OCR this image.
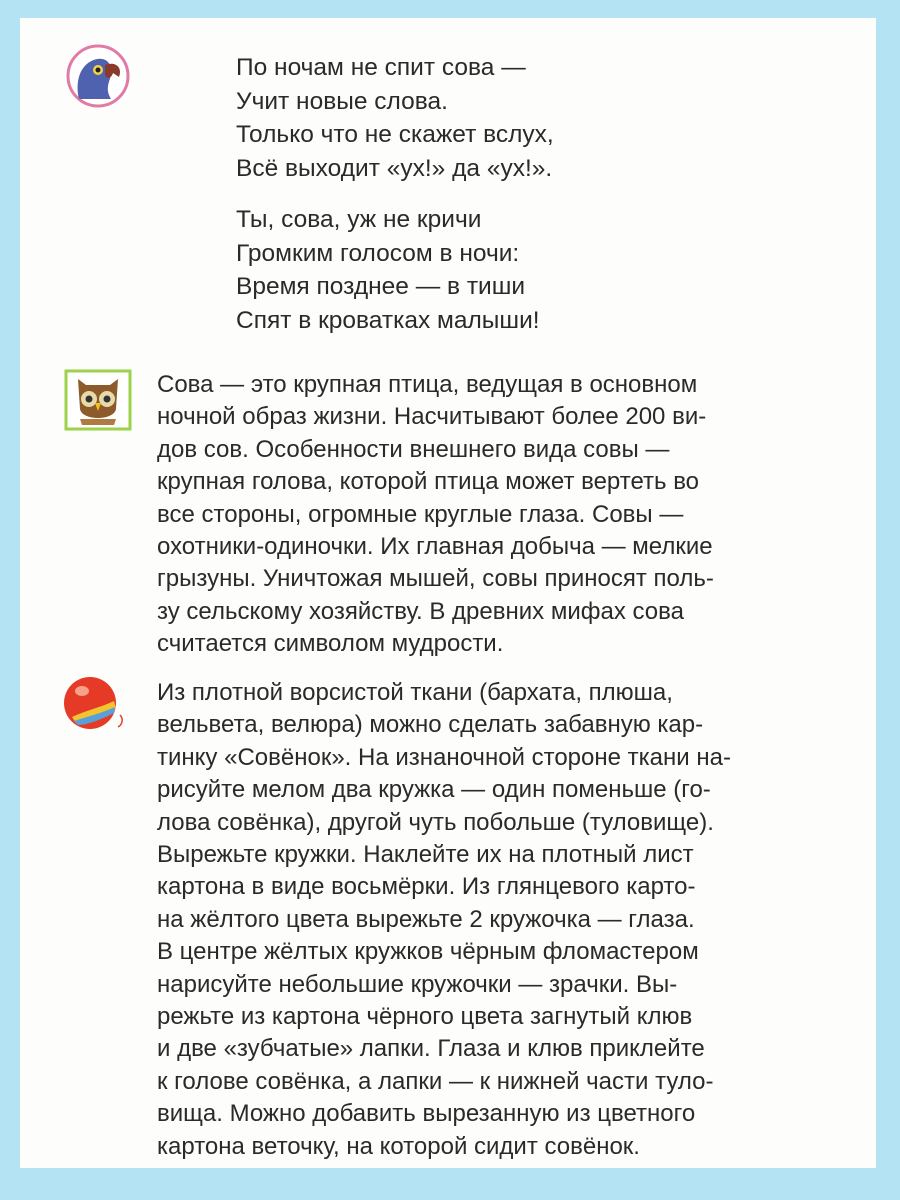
По ночам не спит сова —
Учит новые слова.
Только что не скажет вслух,
Всё выходит «ух!» да «ух!».
Ты, сова, уж не кричи
Громким голосом в ночи:
Время позднее — в тиши
Спят в кроватках малыши!
Сова — это крупная птица, ведущая в основном
ночной образ жизни. Насчитывают более 200 ви-
дов сов. Особенности внешнего вида совы —
крупная голова, которой птица может вертеть во
все стороны, огромные круглые глаза. Совы —
охотники-одиночки. Их главная добыча — мелкие
грызуны. Уничтожая мышей, совы приносят поль-
зу сельскому хозяйству. В древних мифах сова
считается символом мудрости.
Из плотной ворсистой ткани (бархата, плюша,
вельвета, велюра) можно сделать забавную кар-
тинку «Совёнок». На изнаночной стороне ткани на-
рисуйте мелом два кружка — один поменьше (го-
лова совёнка), другой чуть побольше (туловище).
Вырежьте кружки. Наклейте их на плотный лист
картона в виде восьмёрки. Из глянцевого карто-
на жёлтого цвета вырежьте 2 кружочка — глаза.
В центре жёлтых кружков чёрным фломастером
нарисуйте небольшие кружочки — зрачки. Вы-
режьте из картона чёрного цвета загнутый клюв
и две «зубчатые» лапки. Глаза и клюв приклейте
к голове совёнка, а лапки — к нижней части туло-
вища. Можно добавить вырезанную из цветного
картона веточку, на которой сидит совёнок.
